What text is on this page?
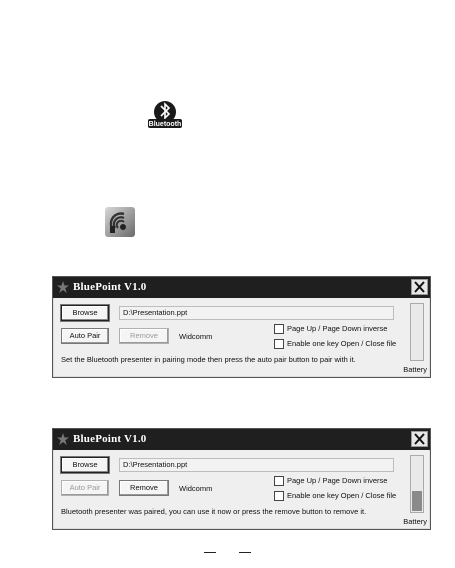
Bluetooth
BluePoint V1.0
Browse	D:\Presentation.ppt
Auto Pair	Remove	Widcomm
Page Up / Page Down inverse
Enable one key Open / Close file
Set the Bluetooth presenter in pairing mode then press the auto pair button to pair with it.
Battery
BluePoint V1.0
Browse	D:\Presentation.ppt
Auto Pair	Remove	Widcomm
Page Up / Page Down inverse
Enable one key Open / Close file
Bluetooth presenter was paired, you can use it now or press the remove button to remove it.
Battery
